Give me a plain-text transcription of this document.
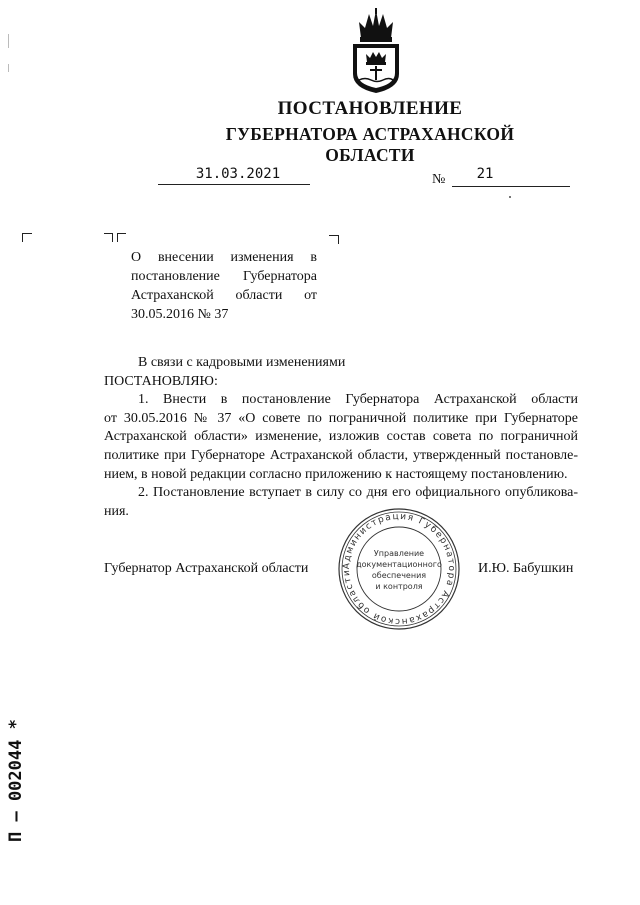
ПОСТАНОВЛЕНИЕ
ГУБЕРНАТОРА АСТРАХАНСКОЙ ОБЛАСТИ
31.03.2021	№	21
О внесении изменения в
постановление Губернатора
Астраханской области от
30.05.2016 № 37
В связи с кадровыми изменениями
ПОСТАНОВЛЯЮ:
1. Внести в постановление Губернатора Астраханской области
от 30.05.2016 № 37 «О совете по пограничной политике при Губернаторе
Астраханской области» изменение, изложив состав совета по пограничной
политике при Губернаторе Астраханской области, утвержденный постановле-
нием, в новой редакции согласно приложению к настоящему постановлению.
2. Постановление вступает в силу со дня его официального опубликова-
ния.
Губернатор Астраханской области	И.Ю. Бабушкин
Администрация Губернатора Астраханской области
Управление
документационного
обеспечения
и контроля
П – 002044 *
